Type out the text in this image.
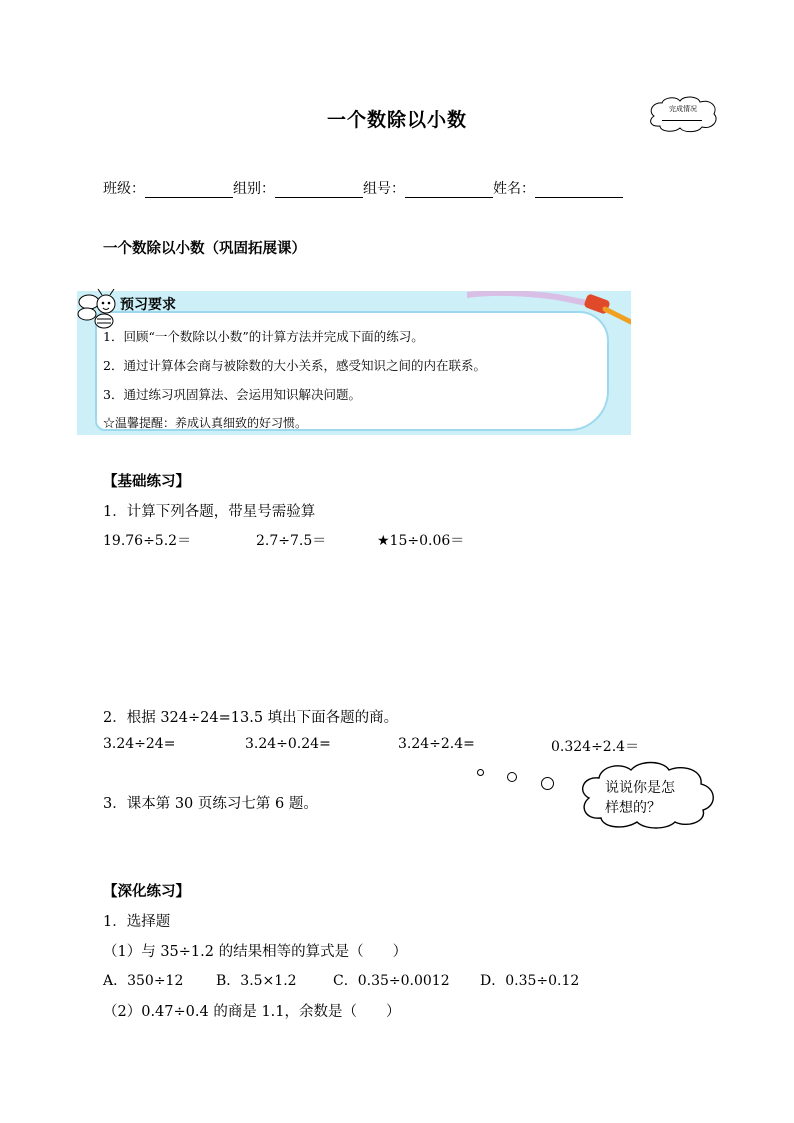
一个数除以小数	完成情况
班级：	组别：	组号：	姓名：
一个数除以小数（巩固拓展课）
预习要求
1．回顾“一个数除以小数”的计算方法并完成下面的练习。
2．通过计算体会商与被除数的大小关系，感受知识之间的内在联系。
3．通过练习巩固算法、会运用知识解决问题。
☆温馨提醒：养成认真细致的好习惯。
【基础练习】
1．计算下列各题，带星号需验算
19.76÷5.2＝	2.7÷7.5＝	★15÷0.06＝
2．根据 324÷24=13.5 填出下面各题的商。
3.24÷24=	3.24÷0.24=	3.24÷2.4=	0.324÷2.4＝
3．课本第 30 页练习七第 6 题。
说说你是怎
样想的？
【深化练习】
1．选择题
（1）与 35÷1.2 的结果相等的算式是（　　）
A．350÷12 B．3.5×1.2	C．0.35÷0.0012 D．0.35÷0.12
（2）0.47÷0.4 的商是 1.1，余数是（　　）
